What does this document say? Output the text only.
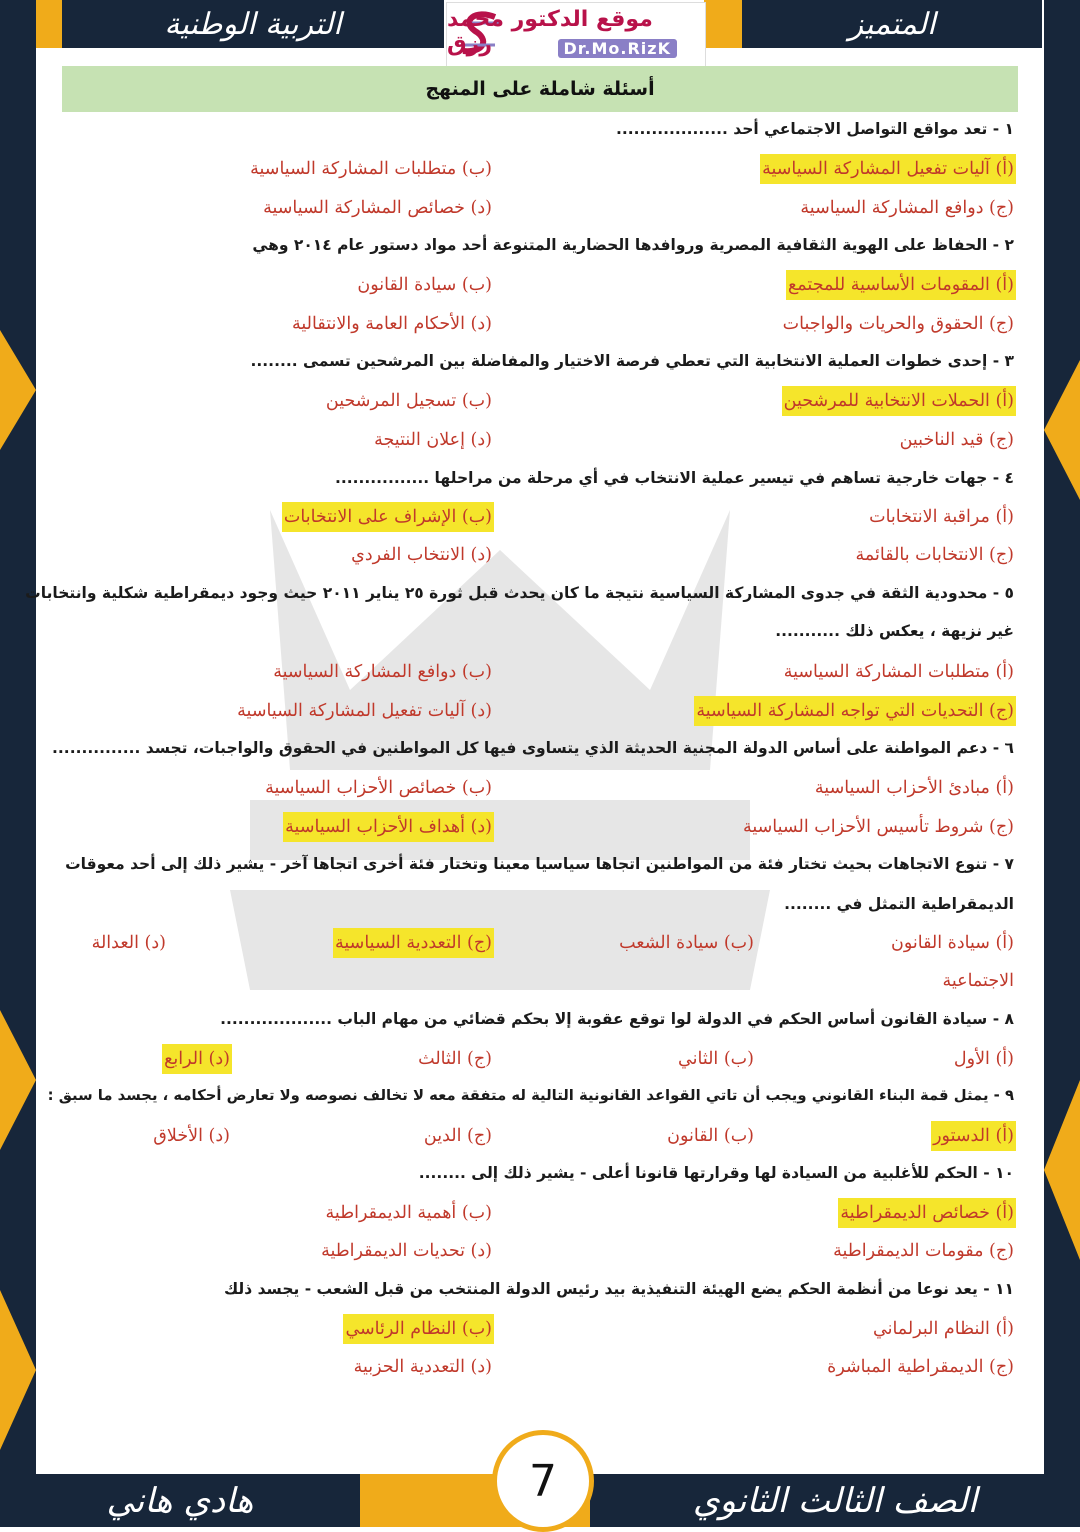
التربية الوطنية	المتميز
موقع الدكتور محمد رزق	Dr.Mo.RizK
أسئلة شاملة على المنهج
١ - تعد مواقع التواصل الاجتماعي أحد ...................
(أ) آليات تفعيل المشاركة السياسية
(ب) متطلبات المشاركة السياسية
(ج) دوافع المشاركة السياسية
(د) خصائص المشاركة السياسية
٢ - الحفاظ على الهوية الثقافية المصرية وروافدها الحضارية المتنوعة أحد مواد دستور عام ٢٠١٤ وهي
(أ) المقومات الأساسية للمجتمع
(ب) سيادة القانون
(ج) الحقوق والحريات والواجبات
(د) الأحكام العامة والانتقالية
٣ - إحدى خطوات العملية الانتخابية التي تعطي فرصة الاختيار والمفاضلة بين المرشحين تسمى ........
(أ) الحملات الانتخابية للمرشحين
(ب) تسجيل المرشحين
(ج) قيد الناخبين
(د) إعلان النتيجة
٤ - جهات خارجية تساهم في تيسير عملية الانتخاب في أي مرحلة من مراحلها ................
(أ) مراقبة الانتخابات
(ب) الإشراف على الانتخابات
(ج) الانتخابات بالقائمة
(د) الانتخاب الفردي
٥ - محدودية الثقة في جدوى المشاركة السياسية نتيجة ما كان يحدث قبل ثورة ٢٥ يناير ٢٠١١ حيث وجود ديمقراطية شكلية وانتخابات
غير نزيهة ، يعكس ذلك ...........
(أ) متطلبات المشاركة السياسية
(ب) دوافع المشاركة السياسية
(ج) التحديات التي تواجه المشاركة السياسية
(د) آليات تفعيل المشاركة السياسية
٦ - دعم المواطنة على أساس الدولة المجنية الحديثة الذي يتساوى فيها كل المواطنين في الحقوق والواجبات، تجسد ...............
(أ) مبادئ الأحزاب السياسية
(ب) خصائص الأحزاب السياسية
(ج) شروط تأسيس الأحزاب السياسية
(د) أهداف الأحزاب السياسية
٧ - تنوع الاتجاهات بحيث تختار فئة من المواطنين اتجاها سياسيا معينا وتختار فئة أخرى اتجاها آخر - يشير ذلك إلى أحد معوقات
الديمقراطية التمثل في ........
(أ) سيادة القانون
(ب) سيادة الشعب
(ج) التعددية السياسية
(د) العدالة
الاجتماعية
٨ - سيادة القانون أساس الحكم في الدولة لوا توقع عقوبة إلا بحكم قضائي من مهام الباب ...................
(أ) الأول
(ب) الثاني
(ج) الثالث
(د) الرابع
٩ - يمثل قمة البناء القانوني ويجب أن تاتي القواعد القانونية التالية له متفقة معه لا تخالف نصوصه ولا تعارض أحكامه ، يجسد ما سبق :
(أ) الدستور
(ب) القانون
(ج) الدين
(د) الأخلاق
١٠ - الحكم للأغلبية من السيادة لها وقرارتها قانونا أعلى - يشير ذلك إلى ........
(أ) خصائص الديمقراطية
(ب) أهمية الديمقراطية
(ج) مقومات الديمقراطية
(د) تحديات الديمقراطية
١١ - يعد نوعا من أنظمة الحكم يضع الهيئة التنفيذية بيد رئيس الدولة المنتخب من قبل الشعب - يجسد ذلك
(أ) النظام البرلماني
(ب) النظام الرئاسي
(ج) الديمقراطية المباشرة
(د) التعددية الحزبية
هادي هاني	الصف الثالث الثانوي
7
